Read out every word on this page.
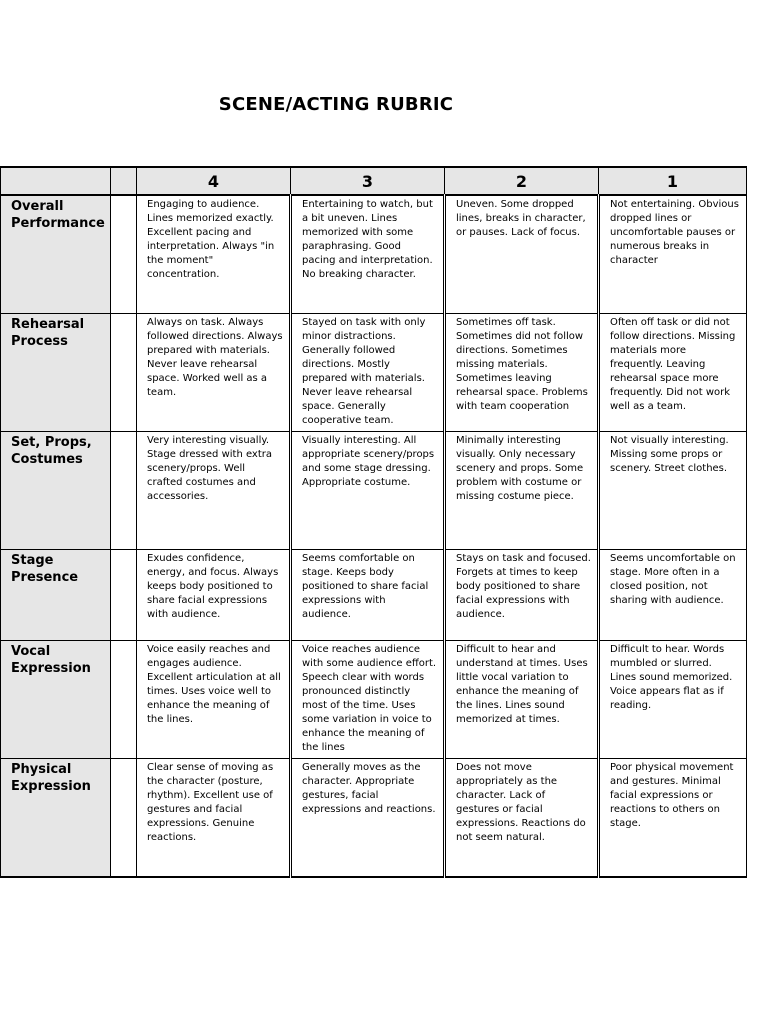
SCENE/ACTING RUBRIC
		4	3	2	1
Overall Performance		Engaging to audience. Lines memorized exactly. Excellent pacing and interpretation. Always "in the moment" concentration.	Entertaining to watch, but a bit uneven. Lines memorized with some paraphrasing. Good pacing and interpretation. No breaking character.	Uneven. Some dropped lines, breaks in character, or pauses. Lack of focus.	Not entertaining. Obvious dropped lines or uncomfortable pauses or numerous breaks in character
Rehearsal Process		Always on task. Always followed directions. Always prepared with materials. Never leave rehearsal space. Worked well as a team.	Stayed on task with only minor distractions. Generally followed directions. Mostly prepared with materials. Never leave rehearsal space. Generally cooperative team.	Sometimes off task. Sometimes did not follow directions. Sometimes missing materials. Sometimes leaving rehearsal space. Problems with team cooperation	Often off task or did not follow directions. Missing materials more frequently. Leaving rehearsal space more frequently. Did not work well as a team.
Set, Props, Costumes		Very interesting visually. Stage dressed with extra scenery/props. Well crafted costumes and accessories.	Visually interesting. All appropriate scenery/props and some stage dressing. Appropriate costume.	Minimally interesting visually. Only necessary scenery and props. Some problem with costume or missing costume piece.	Not visually interesting. Missing some props or scenery. Street clothes.
Stage Presence		Exudes confidence, energy, and focus. Always keeps body positioned to share facial expressions with audience.	Seems comfortable on stage. Keeps body positioned to share facial expressions with audience.	Stays on task and focused. Forgets at times to keep body positioned to share facial expressions with audience.	Seems uncomfortable on stage. More often in a closed position, not sharing with audience.
Vocal Expression		Voice easily reaches and engages audience. Excellent articulation at all times. Uses voice well to enhance the meaning of the lines.	Voice reaches audience with some audience effort. Speech clear with words pronounced distinctly most of the time. Uses some variation in voice to enhance the meaning of the lines	Difficult to hear and understand at times. Uses little vocal variation to enhance the meaning of the lines. Lines sound memorized at times.	Difficult to hear. Words mumbled or slurred. Lines sound memorized. Voice appears flat as if reading.
Physical Expression		Clear sense of moving as the character (posture, rhythm). Excellent use of gestures and facial expressions. Genuine reactions.	Generally moves as the character. Appropriate gestures, facial expressions and reactions.	Does not move appropriately as the character. Lack of gestures or facial expressions. Reactions do not seem natural.	Poor physical movement and gestures. Minimal facial expressions or reactions to others on stage.
